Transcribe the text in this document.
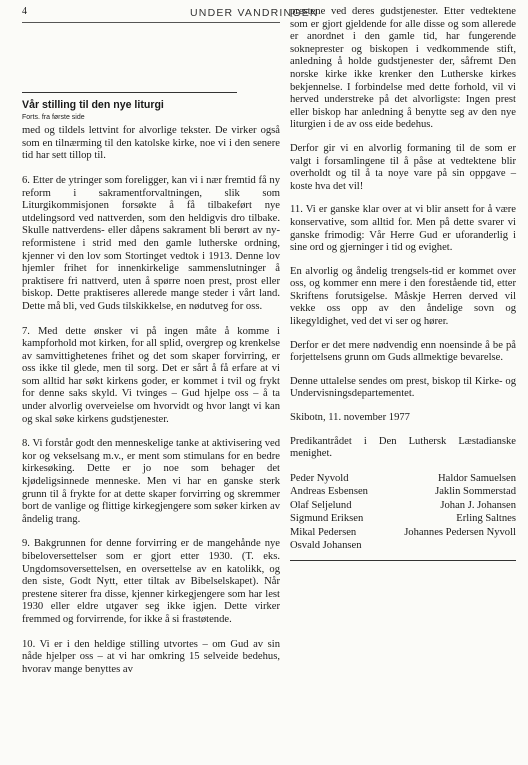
4	UNDER VANDRINGEN
Vår stilling til den nye liturgi
Forts. fra første side

med og tildels lettvint for alvorlige tekster. De virker også som en tilnærming til den katolske kirke, noe vi i den senere tid har sett tillop til.

6. Etter de ytringer som foreligger, kan vi i nær fremtid få ny reform i sakramentforvaltningen, slik som Liturgikommisjonen forsøkte å få tilbakeført nye utdelingsord ved nattverden, som den heldigvis dro tilbake. Skulle nattverdens- eller dåpens sakrament bli berørt av ny-reformistene i strid med den gamle lutherske ordning, kjenner vi den lov som Stortinget vedtok i 1913. Denne lov hjemler frihet for innenkirkelige sammenslutninger å praktisere fri nattverd, uten å spørre noen prest, prost eller biskop. Dette praktiseres allerede mange steder i vårt land. Dette må bli, ved Guds tilskikkelse, en nødutveg for oss.

7. Med dette ønsker vi på ingen måte å komme i kampforhold mot kirken, for all splid, overgrep og krenkelse av samvittighetenes frihet og det som skaper forvirring, er oss ikke til glede, men til sorg. Det er sårt å få erfare at vi som alltid har søkt kirkens goder, er kommet i tvil og frykt for denne saks skyld. Vi tvinges – Gud hjelpe oss – å ta under alvorlig overveielse om hvorvidt og hvor langt vi kan og skal søke kirkens gudstjenester.

8. Vi forstår godt den menneskelige tanke at aktivisering ved kor og vekselsang m.v., er ment som stimulans for en bedre kirkesøking. Dette er jo noe som behager det kjødeligsinnede menneske. Men vi har en ganske sterk grunn til å frykte for at dette skaper forvirring og skremmer bort de vanlige og flittige kirkegjengere som søker kirken av åndelig trang.

9. Bakgrunnen for denne forvirring er de mangehånde nye bibeloversettelser som er gjort etter 1930. (T. eks. Ungdomsoversettelsen, en oversettelse av en katolikk, og den siste, Godt Nytt, etter tiltak av Bibelselskapet). Når prestene siterer fra disse, kjenner kirkegjengere som har lest 1930 eller eldre utgaver seg ikke igjen. Dette virker fremmed og forvirrende, for ikke å si frastøtende.

10. Vi er i den heldige stilling utvortes – om Gud av sin nåde hjelper oss – at vi har omkring 15 selveide bedehus, hvorav mange benyttes av

prestene ved deres gudstjenester. Etter vedtektene som er gjort gjeldende for alle disse og som allerede er anordnet i den gamle tid, har fungerende sokneprester og biskopen i vedkommende stift, anledning å holde gudstjenester der, såfremt Den norske kirke ikke krenker den Lutherske kirkes bekjennelse. I forbindelse med dette forhold, vil vi herved understreke på det alvorligste: Ingen prest eller biskop har anledning å benytte seg av den nye liturgien i de av oss eide bedehus.

Derfor gir vi en alvorlig formaning til de som er valgt i forsamlingene til å påse at vedtektene blir overholdt og til å ta noye vare på sin oppgave – koste hva det vil!

11. Vi er ganske klar over at vi blir ansett for å være konservative, som alltid for. Men på dette svarer vi ganske frimodig: Vår Herre Gud er uforanderlig i sine ord og gjerninger i tid og evighet.

En alvorlig og åndelig trengsels-tid er kommet over oss, og kommer enn mere i den forestående tid, etter Skriftens forutsigelse. Måskje Herren derved vil vekke oss opp av den åndelige sovn og likegyldighet, ved det vi ser og hører.

Derfor er det mere nødvendig enn noensinde å be på forjettelsens grunn om Guds allmektige bevarelse.

Denne uttalelse sendes om prest, biskop til Kirke- og Undervisningsdepartementet.

Skibotn, 11. november 1977

Predikantrådet i Den Luthersk Læstadianske menighet.

Peder Nyvold	Haldor Samuelsen
Andreas Esbensen	Jaklin Sommerstad
Olaf Seljelund	Johan J. Johansen
Sigmund Eriksen	Erling Saltnes
Mikal Pedersen	Johannes Pedersen Nyvoll
Osvald Johansen	
